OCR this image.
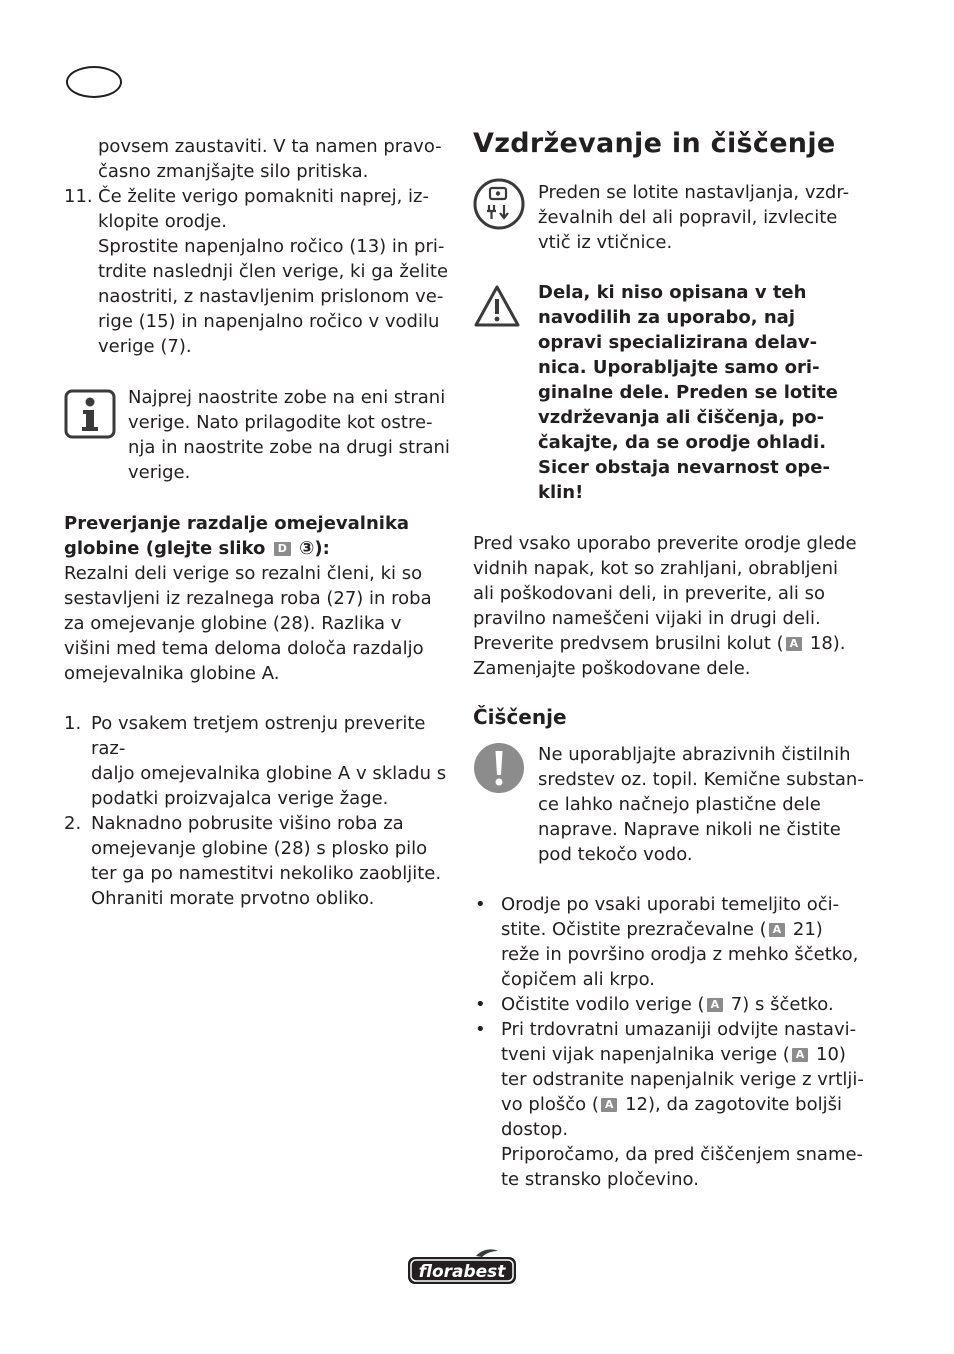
povsem zaustaviti. V ta namen pravo-
časno zmanjšajte silo pritiska.
11. Če želite verigo pomakniti naprej, iz-
klopite orodje.
Sprostite napenjalno ročico (13) in pri-
trdite naslednji člen verige, ki ga želite
naostriti, z nastavljenim prislonom ve-
rige (15) in napenjalno ročico v vodilu
verige (7).
Najprej naostrite zobe na eni strani
verige. Nato prilagodite kot ostre-
nja in naostrite zobe na drugi strani
verige.
Preverjanje razdalje omejevalnika
globine (glejte sliko D ③):
Rezalni deli verige so rezalni členi, ki so
sestavljeni iz rezalnega roba (27) in roba
za omejevanje globine (28). Razlika v
višini med tema deloma določa razdaljo
omejevalnika globine A.
1. Po vsakem tretjem ostrenju preverite raz-
daljo omejevalnika globine A v skladu s
podatki proizvajalca verige žage.
2. Naknadno pobrusite višino roba za
omejevanje globine (28) s plosko pilo
ter ga po namestitvi nekoliko zaobljite.
Ohraniti morate prvotno obliko.
Vzdrževanje in čiščenje
Preden se lotite nastavljanja, vzdr-
ževalnih del ali popravil, izvlecite
vtič iz vtičnice.
Dela, ki niso opisana v teh
navodilih za uporabo, naj
opravi specializirana delav-
nica. Uporabljajte samo ori-
ginalne dele. Preden se lotite
vzdrževanja ali čiščenja, po-
čakajte, da se orodje ohladi.
Sicer obstaja nevarnost ope-
klin!
Pred vsako uporabo preverite orodje glede
vidnih napak, kot so zrahljani, obrabljeni
ali poškodovani deli, in preverite, ali so
pravilno nameščeni vijaki in drugi deli.
Preverite predvsem brusilni kolut ( A 18).
Zamenjajte poškodovane dele.
Čiščenje
Ne uporabljajte abrazivnih čistilnih
sredstev oz. topil. Kemične substan-
ce lahko načnejo plastične dele
naprave. Naprave nikoli ne čistite
pod tekočo vodo.
• Orodje po vsaki uporabi temeljito oči-
stite. Očistite prezračevalne ( A 21)
reže in površino orodja z mehko ščetko,
čopičem ali krpo.
• Očistite vodilo verige ( A 7) s ščetko.
• Pri trdovratni umazaniji odvijte nastavi-
tveni vijak napenjalnika verige ( A 10)
ter odstranite napenjalnik verige z vrtlji-
vo ploščo ( A 12), da zagotovite boljši
dostop.
Priporočamo, da pred čiščenjem sname-
te stransko pločevino.
florabest
